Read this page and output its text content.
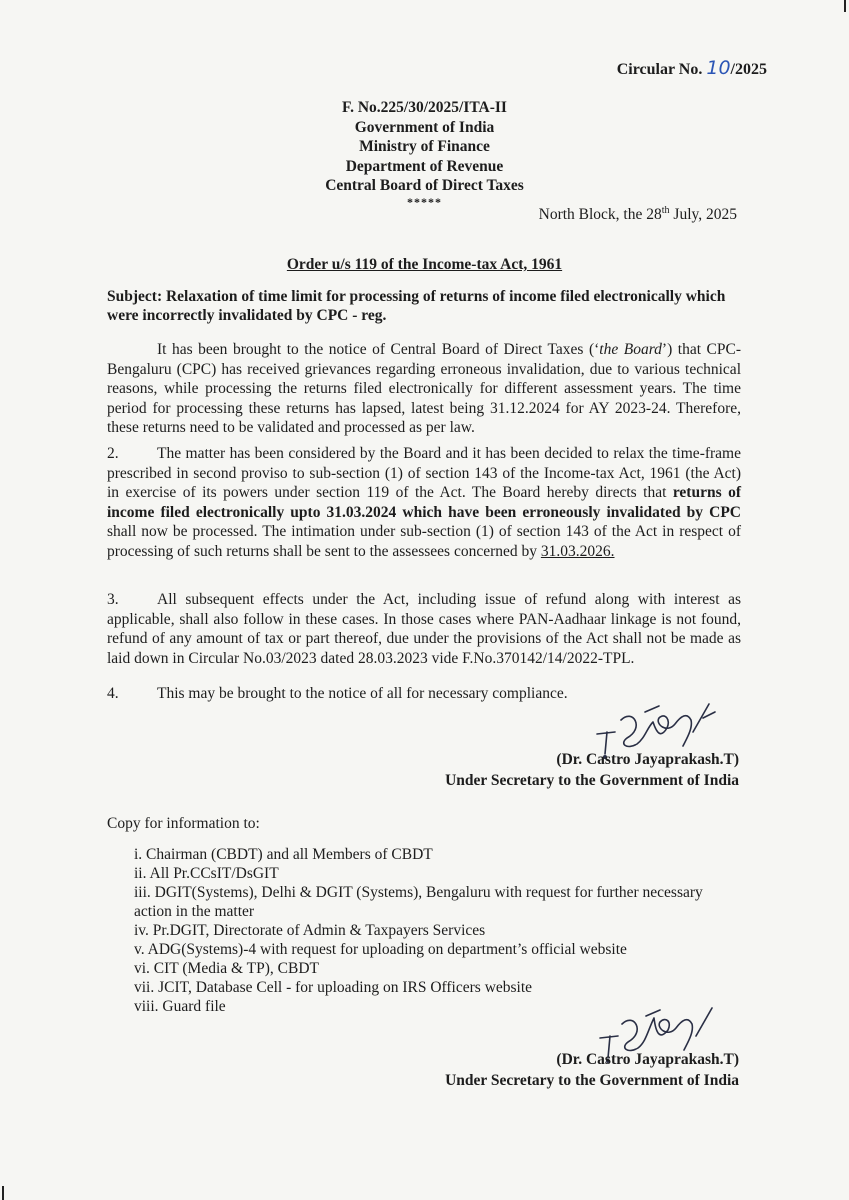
Circular No. 10/2025
F. No.225/30/2025/ITA-II
Government of India
Ministry of Finance
Department of Revenue
Central Board of Direct Taxes
*****
North Block, the 28th July, 2025
Order u/s 119 of the Income-tax Act, 1961
Subject: Relaxation of time limit for processing of returns of income filed electronically which were incorrectly invalidated by CPC - reg.
It has been brought to the notice of Central Board of Direct Taxes (‘the Board’) that CPC-Bengaluru (CPC) has received grievances regarding erroneous invalidation, due to various technical reasons, while processing the returns filed electronically for different assessment years. The time period for processing these returns has lapsed, latest being 31.12.2024 for AY 2023-24. Therefore, these returns need to be validated and processed as per law.
2. The matter has been considered by the Board and it has been decided to relax the time-frame prescribed in second proviso to sub-section (1) of section 143 of the Income-tax Act, 1961 (the Act) in exercise of its powers under section 119 of the Act. The Board hereby directs that returns of income filed electronically upto 31.03.2024 which have been erroneously invalidated by CPC shall now be processed. The intimation under sub-section (1) of section 143 of the Act in respect of processing of such returns shall be sent to the assessees concerned by 31.03.2026.
3. All subsequent effects under the Act, including issue of refund along with interest as applicable, shall also follow in these cases. In those cases where PAN-Aadhaar linkage is not found, refund of any amount of tax or part thereof, due under the provisions of the Act shall not be made as laid down in Circular No.03/2023 dated 28.03.2023 vide F.No.370142/14/2022-TPL.
4. This may be brought to the notice of all for necessary compliance.
(Dr. Castro Jayaprakash.T)
Under Secretary to the Government of India
Copy for information to:
i. Chairman (CBDT) and all Members of CBDT
ii. All Pr.CCsIT/DsGIT
iii. DGIT(Systems), Delhi & DGIT (Systems), Bengaluru with request for further necessary action in the matter
iv. Pr.DGIT, Directorate of Admin & Taxpayers Services
v. ADG(Systems)-4 with request for uploading on department’s official website
vi. CIT (Media & TP), CBDT
vii. JCIT, Database Cell - for uploading on IRS Officers website
viii. Guard file
(Dr. Castro Jayaprakash.T)
Under Secretary to the Government of India
